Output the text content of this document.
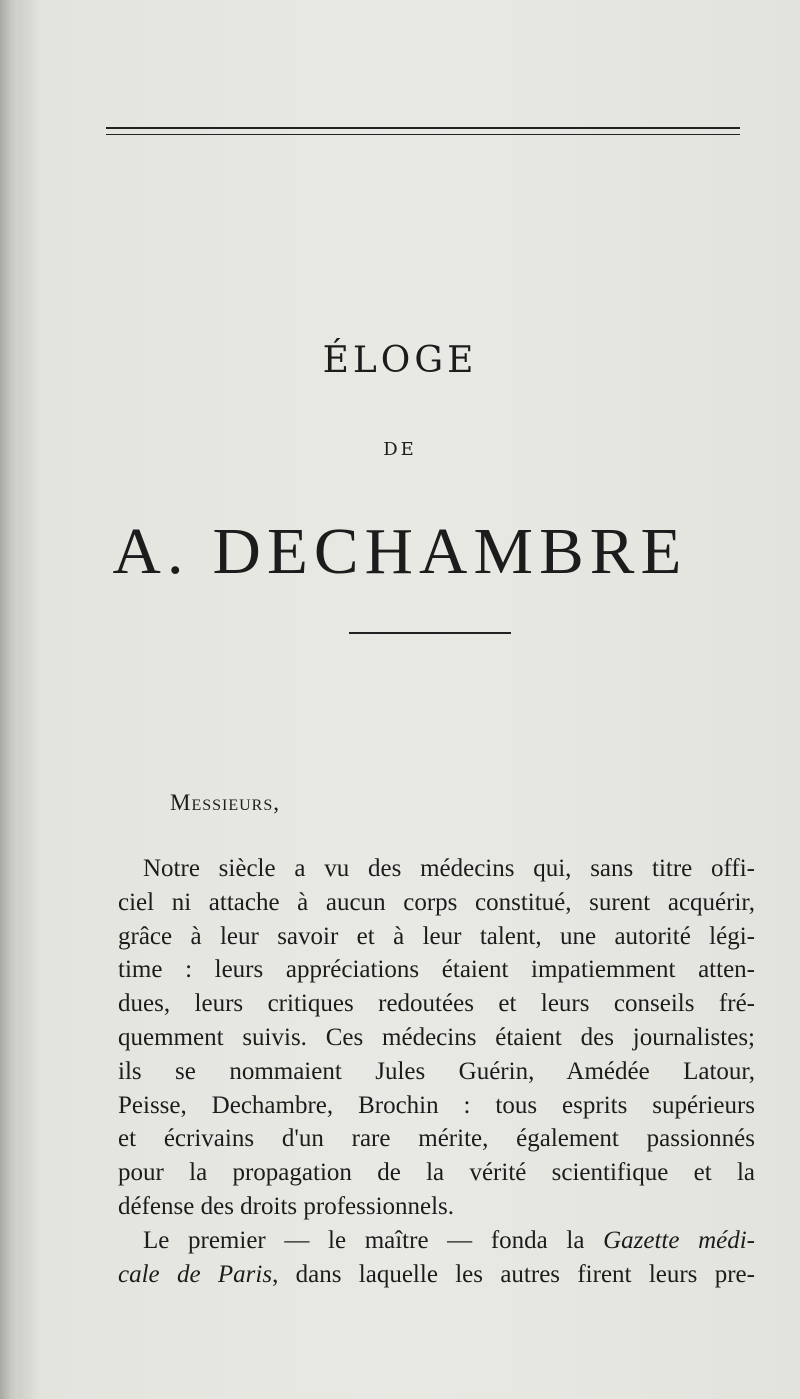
ÉLOGE
DE
A. DECHAMBRE
Messieurs,
Notre siècle a vu des médecins qui, sans titre offi-
ciel ni attache à aucun corps constitué, surent acquérir,
grâce à leur savoir et à leur talent, une autorité légi-
time : leurs appréciations étaient impatiemment atten-
dues, leurs critiques redoutées et leurs conseils fré-
quemment suivis. Ces médecins étaient des journalistes;
ils se nommaient Jules Guérin, Amédée Latour,
Peisse, Dechambre, Brochin : tous esprits supérieurs
et écrivains d'un rare mérite, également passionnés
pour la propagation de la vérité scientifique et la
défense des droits professionnels.
Le premier — le maître — fonda la Gazette médi-
cale de Paris, dans laquelle les autres firent leurs pre-
